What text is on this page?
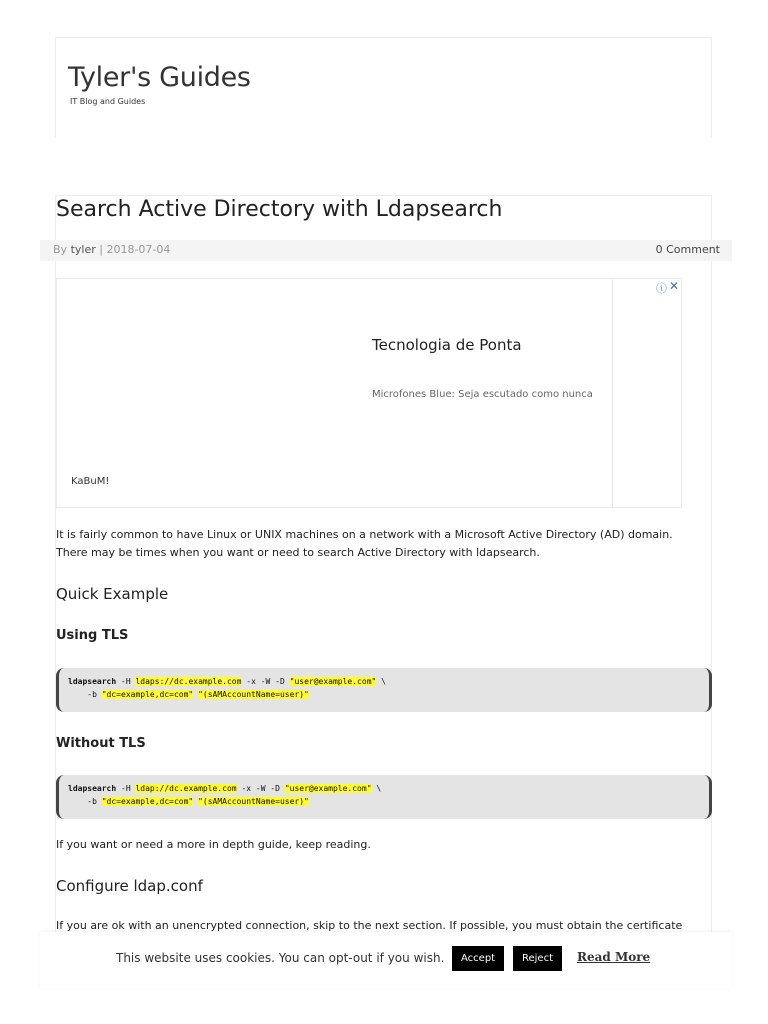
Tyler's Guides

IT Blog and Guides

Search Active Directory with Ldapsearch
By tyler | 2018-07-04	0 Comment
ⓘ ✕
Tecnologia de Ponta
Microfones Blue: Seja escutado como nunca
KaBuM!

It is fairly common to have Linux or UNIX machines on a network with a Microsoft Active Directory (AD) domain.
There may be times when you want or need to search Active Directory with ldapsearch.

Quick Example
Using TLS
ldapsearch -H ldaps://dc.example.com -x -W -D "user@example.com" \
-b "dc=example,dc=com" "(sAMAccountName=user)"
Without TLS
ldapsearch -H ldap://dc.example.com -x -W -D "user@example.com" \
-b "dc=example,dc=com" "(sAMAccountName=user)"

If you want or need a more in depth guide, keep reading.

Configure ldap.conf

If you are ok with an unencrypted connection, skip to the next section. If possible, you must obtain the certificate

This website uses cookies. You can opt-out if you wish.	Accept	Reject	Read More
